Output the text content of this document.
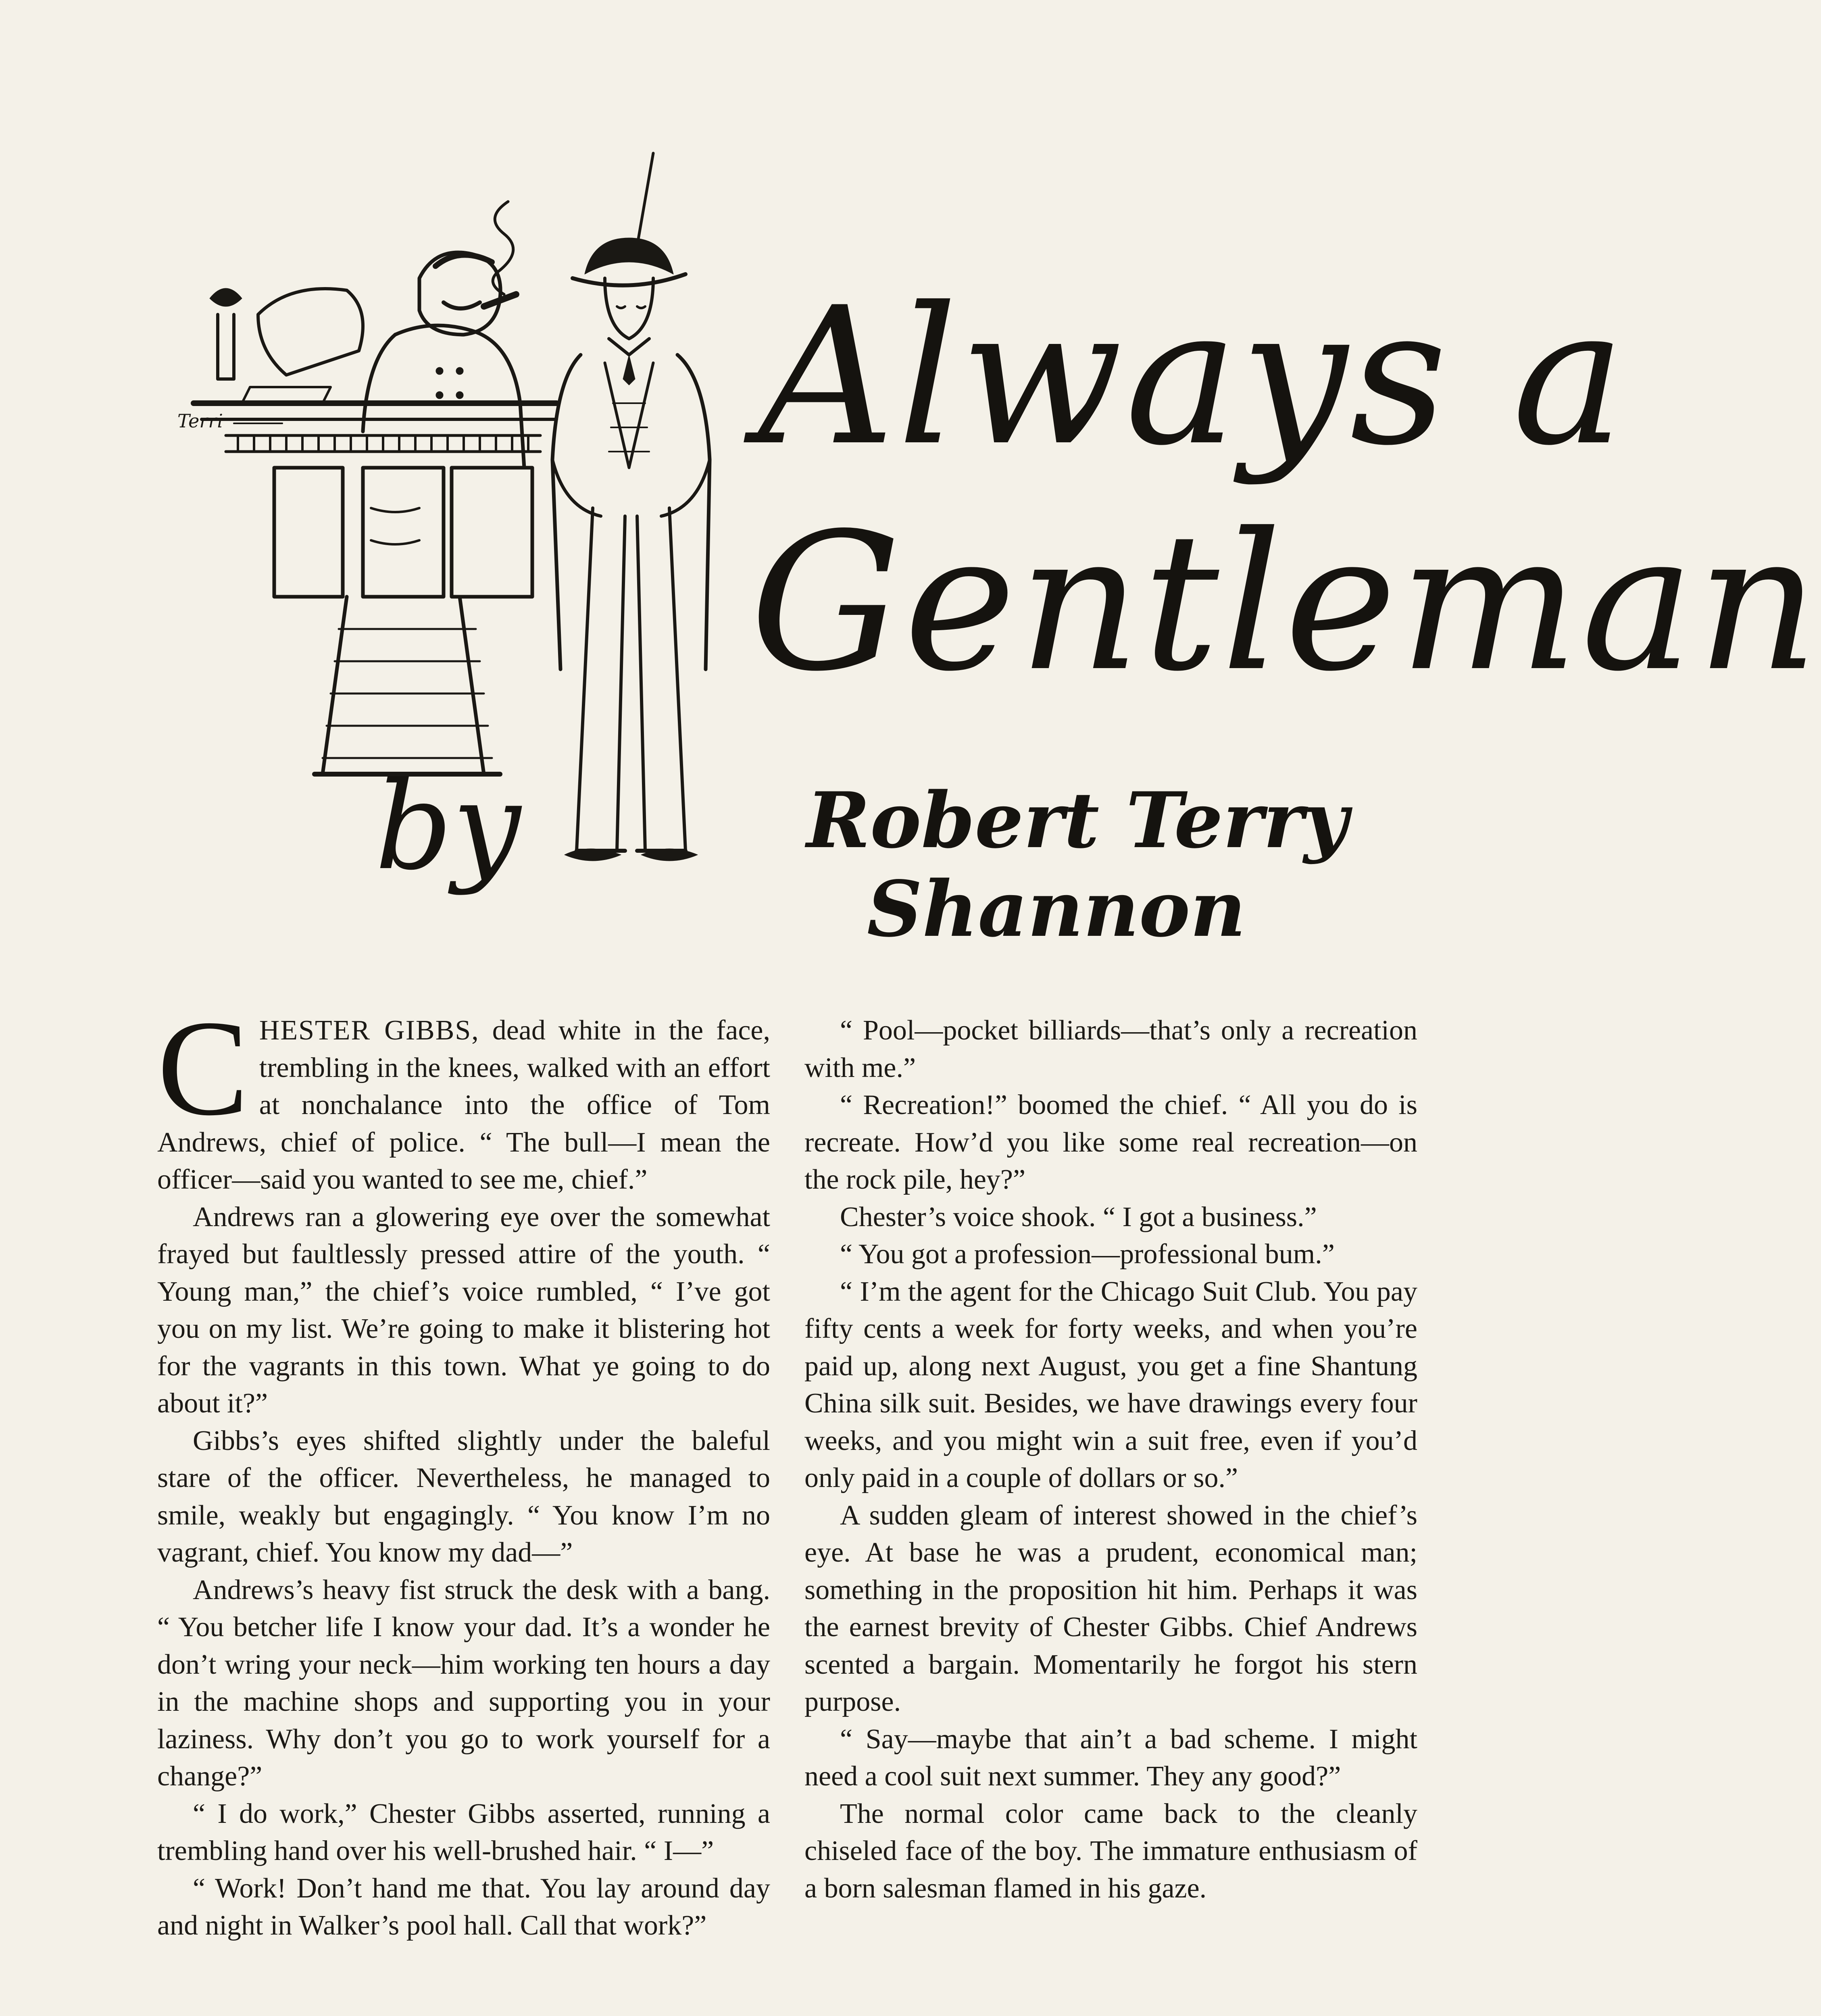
Terri	Always a
Gentleman
by	Robert Terry
Shannon

CHESTER GIBBS, dead white in the face, trembling in the knees, walked with an effort at nonchalance into the office of Tom Andrews, chief of police. “ The bull—I mean the officer—said you wanted to see me, chief.”

Andrews ran a glowering eye over the somewhat frayed but faultlessly pressed attire of the youth. “ Young man,” the chief’s voice rumbled, “ I’ve got you on my list. We’re going to make it blistering hot for the vagrants in this town. What ye going to do about it?”

Gibbs’s eyes shifted slightly under the baleful stare of the officer. Nevertheless, he managed to smile, weakly but engagingly. “ You know I’m no vagrant, chief. You know my dad—”

Andrews’s heavy fist struck the desk with a bang. “ You betcher life I know your dad. It’s a wonder he don’t wring your neck—him working ten hours a day in the machine shops and supporting you in your laziness. Why don’t you go to work yourself for a change?”

“ I do work,” Chester Gibbs asserted, running a trembling hand over his well-brushed hair. “ I—”

“ Work! Don’t hand me that. You lay around day and night in Walker’s pool hall. Call that work?”

“ Pool—pocket billiards—that’s only a recreation with me.”

“ Recreation!” boomed the chief. “ All you do is recreate. How’d you like some real recreation—on the rock pile, hey?”

Chester’s voice shook. “ I got a business.”

“ You got a profession—professional bum.”

“ I’m the agent for the Chicago Suit Club. You pay fifty cents a week for forty weeks, and when you’re paid up, along next August, you get a fine Shantung China silk suit. Besides, we have drawings every four weeks, and you might win a suit free, even if you’d only paid in a couple of dollars or so.”

A sudden gleam of interest showed in the chief’s eye. At base he was a prudent, economical man; something in the proposition hit him. Perhaps it was the earnest brevity of Chester Gibbs. Chief Andrews scented a bargain. Momentarily he forgot his stern purpose.

“ Say—maybe that ain’t a bad scheme. I might need a cool suit next summer. They any good?”

The normal color came back to the cleanly chiseled face of the boy. The immature enthusiasm of a born salesman flamed in his gaze.
